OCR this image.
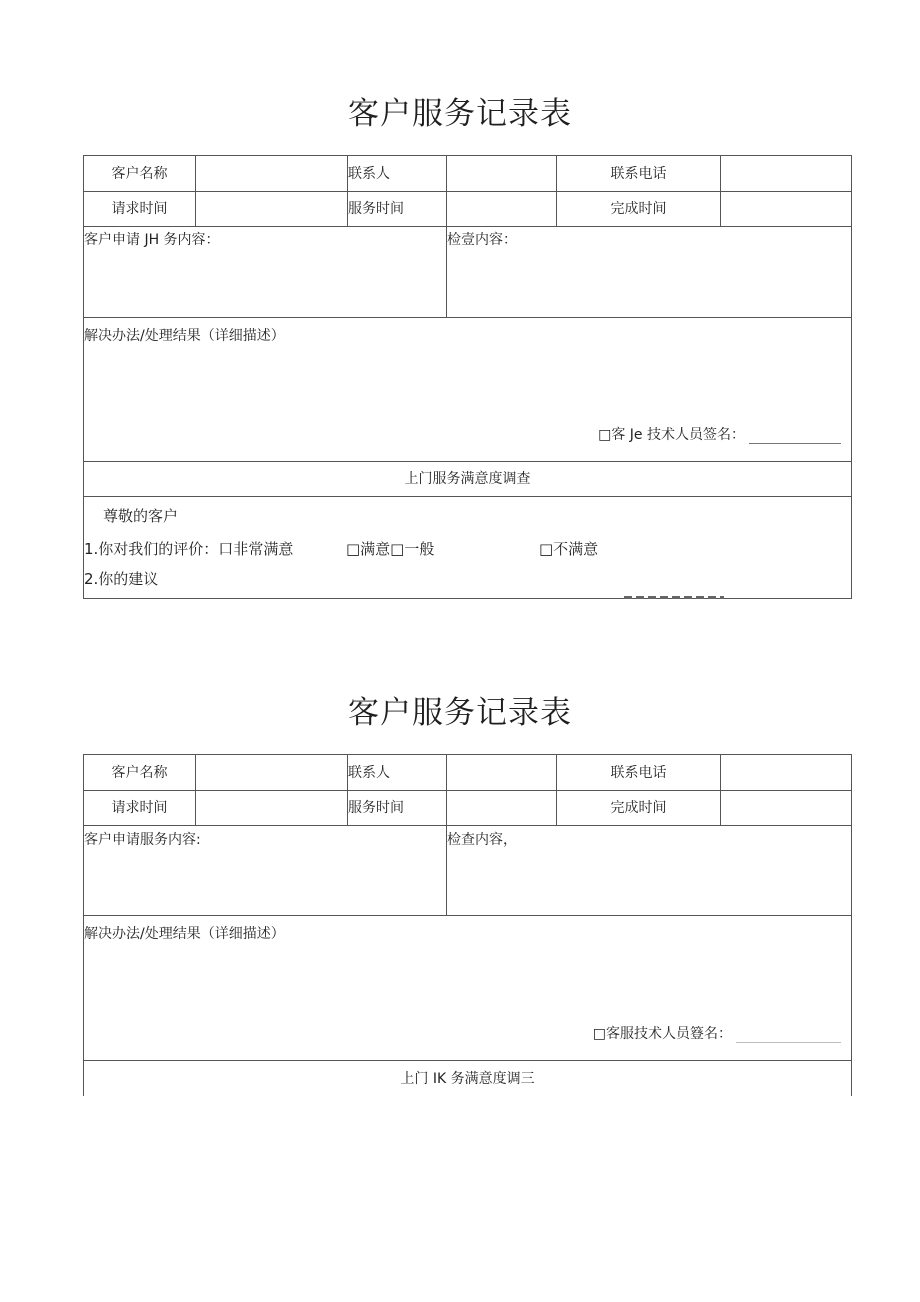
客户服务记录表
客户名称	联系人	联系电话
请求时间	服务时间	完成时间
客户申请 JH 务内容：	检壹内容：
解决办法/处理结果（详细描述）
□客 Je 技术人员签名：
上门服务满意度调查
尊敬的客户
1.你对我们的评价：口非常满意	□满意□一般	□不满意
2.你的建议
客户服务记录表
客户名称	联系人	联系电话
请求时间	服务时间	完成时间
客户申请服务内容:	检查内容，
解决办法/处理结果（详细描述）
□客服技术人员簦名：
上门 IK 务满意度调三
